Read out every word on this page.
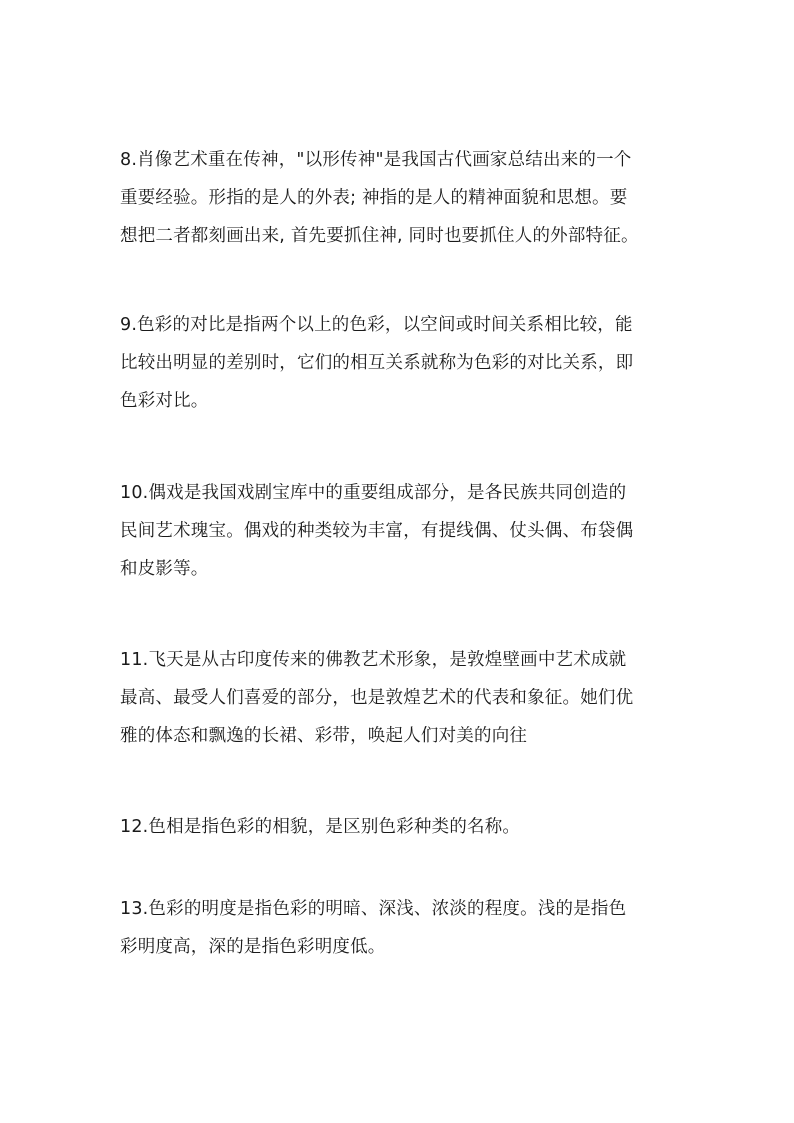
8.肖像艺术重在传神，"以形传神"是我国古代画家总结出来的一个
重要经验。形指的是人的外表; 神指的是人的精神面貌和思想。要
想把二者都刻画出来, 首先要抓住神, 同时也要抓住人的外部特征。
9.色彩的对比是指两个以上的色彩，以空间或时间关系相比较，能
比较出明显的差别时，它们的相互关系就称为色彩的对比关系，即
色彩对比。
10.偶戏是我国戏剧宝库中的重要组成部分，是各民族共同创造的
民间艺术瑰宝。偶戏的种类较为丰富，有提线偶、仗头偶、布袋偶
和皮影等。
11.飞天是从古印度传来的佛教艺术形象，是敦煌壁画中艺术成就
最高、最受人们喜爱的部分，也是敦煌艺术的代表和象征。她们优
雅的体态和飘逸的长裙、彩带，唤起人们对美的向往
12.色相是指色彩的相貌，是区别色彩种类的名称。
13.色彩的明度是指色彩的明暗、深浅、浓淡的程度。浅的是指色
彩明度高，深的是指色彩明度低。
